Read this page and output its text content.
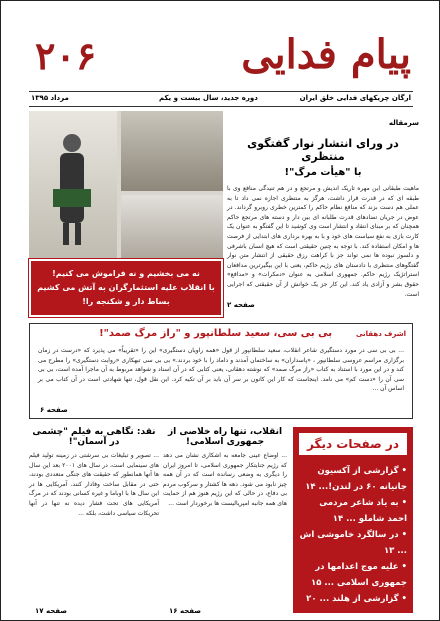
۲۰۶	پیام فدایی
ارگان چریکهای فدایی خلق ایران
دوره جدید، سال بیست و یکم
مرداد ۱۳۹۵
نه می بخشیم و نه فراموش می کنیم!
با انقلاب علیه استثمارگران به آتش می کشیم
بساط دار و شکنجه را!
سرمقاله
در ورای انتشار نوار گفتگوی منتظری
با "هیأت مرگ"!
ماهیت طبقاتی این مهره تاریک اندیش و مرتجع و در هم تنیدگی منافع وی با طبقه ای که در قدرت قرار داشت، هرگز به منتظری اجازه نمی داد تا به عملی هم دست بزند که منافع نظام حاکم را کمترین خطری روبرو گرداند. در عوض در جریان تضادهای قدرت طلبانه ای بین دار و دسته های مرتجع حاکم همچنان که بر مبنای انتقاد و انتشار است وی کوشید تا این گفتگو به عنوان یک کارت بازی به نفع سیاست های خود و با به بهره برداری های ابتدایی از فرصت ها و امکان استفاده کند. با توجه به چنین حقیقتی است که هیچ انسان باشرفی و دلسوز نبوده ها نمی تواند جز با کراهت رزق حقیقی از انتشار متن نوار گفتگوهای منتظری با دادستان های رژیم حاکم، یعنی با این بیگیرترین مدافعان استراتژیک رژیم حاکم. جمهوری اسلامی به عنوان «دمکرات» و «مدافع» حقوق بشر و آزادی یاد کند. این کار جز یک خوانش از آن حقیقتی که اجرایی است.
صفحه ۲
اشرف دهقانی
بی بی سی، سعید سلطانپور و "راز مرگ صمد"!
... بی بی سی در مورد دستگیری شاعر انقلاب، سعید سلطانپور از قول «همه راویان دستگیری» این را «تقریباً» می پذیرد که «درست در زمان برگزاری مراسم عروسی سلطانپور ، «پاسداران» به ساختمان آمدند و داماد را با خود بردند.» بی بی سی تبهکاری «روایت دستگیری» را مطرح می کند و در این مورد با استناد به کتاب «راز مرگ صمد» که نوشته دهقانی، یعنی کتابی که در آن اسناد و شواهد مربوط به آن ماجرا آمده است، بی بی سی آن را «دست کم» می نامد. اینجاست که کار این کانون بر سر آن باید بر آن تکیه کرد. این نقل قول، تنها شهادتی است در آن کتاب می بر اساس آن ...
صفحه ۶
نقد: نگاهی به فیلم "چشمی در آسمان"!
... تصویر و تبلیغات بی سرشتی در زمینه تولید فیلم های سینمایی است، در سال های ۲۰۰۱ بعد این سال ها آنها همانطور که حقیقت های جنگی متعددی بودند، حتی در مقابل ساخت وفادار کنند. آمریکایی ها در این سال ها با اوباما و غیره کسانی بودند که در مرگ آمریکایی های تحت فشار دیده نه تنها در آنها تحریکات سیاسی داشت، بلکه ...
صفحه ۱۷
انقلاب، تنها راه خلاصی از جمهوری اسلامی!
... اوضاع عینی جامعه به اشکاری نشان می دهد که رژیم جنایتکار جمهوری اسلامی، تا امروز ایران را دیگری به وضعی رسانده است که در آن همه چیز نابود می شود. دهه ها کشتار و سرکوب مردم بی دفاع، در حالی که این رژیم هنوز هم از حمایت های همه جانبه امپریالیست ها برخوردار است ...
صفحه ۱۶
در صفحات دیگر
• گزارشی از آکسیون جانیانه ۶۰ در لندن!... ۱۴
• به یاد شاعر مردمی احمد شاملو ... ۱۴
• در سالگرد خاموشی اش ... ۱۳
• علیه موج اعدامها در جمهوری اسلامی ... ۱۵
• گزارشی از هلند ... ۲۰
